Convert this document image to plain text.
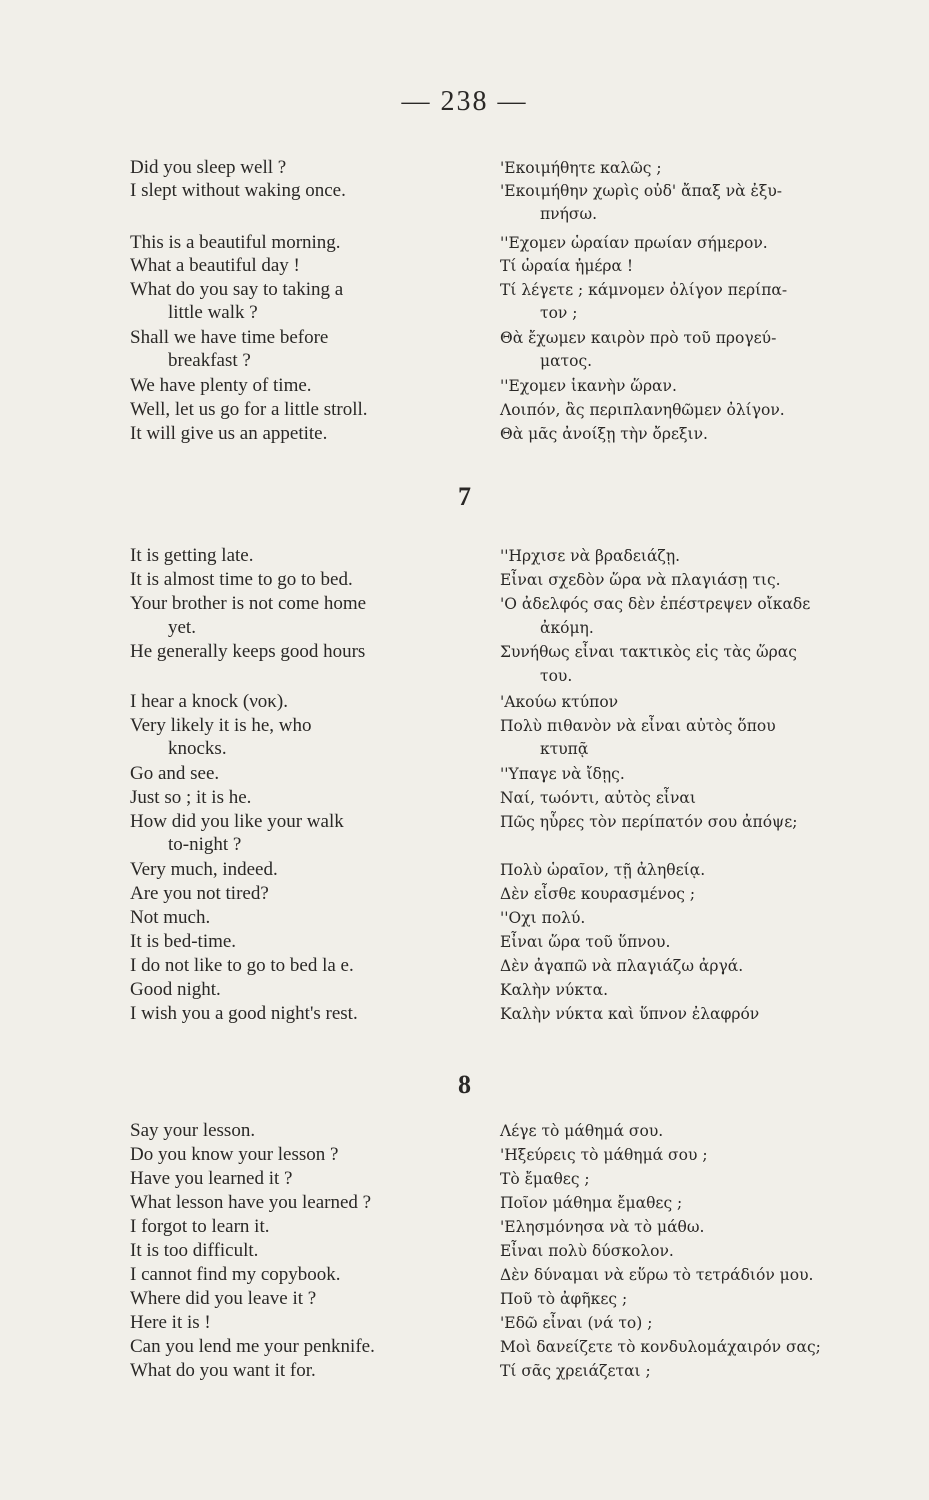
— 238 —
Did you sleep well ?	'Εκοιμήθητε καλῶς ;
I slept without waking once.	'Εκοιμήθην χωρὶς οὐδ' ἄπαξ νὰ ἐξυ-
πνήσω.
This is a beautiful morning.	''Εχομεν ὡραίαν πρωίαν σήμερον.
What a beautiful day !	Τί ὡραία ἡμέρα !
What do you say to taking a	Τί λέγετε ; κάμνομεν ὀλίγον περίπα-
little walk ?	τον ;
Shall we have time before	Θὰ ἔχωμεν καιρὸν πρὸ τοῦ προγεύ-
breakfast ?	ματος.
We have plenty of time.	''Εχομεν ἱκανὴν ὥραν.
Well, let us go for a little stroll.	Λοιπόν, ἂς περιπλανηθῶμεν ὀλίγον.
It will give us an appetite.	Θὰ μᾶς ἀνοίξῃ τὴν ὄρεξιν.
7
It is getting late.	''Ηρχισε νὰ βραδειάζῃ.
It is almost time to go to bed.	Εἶναι σχεδὸν ὥρα νὰ πλαγιάσῃ τις.
Your brother is not come home	'Ο ἀδελφός σας δὲν ἐπέστρεψεν οἴκαδε
yet.	ἀκόμη.
He generally keeps good hours	Συνήθως εἶναι τακτικὸς εἰς τὰς ὥρας
του.
I hear a knock (νοκ).	'Ακούω κτύπον
Very likely it is he, who	Πολὺ πιθανὸν νὰ εἶναι αὐτὸς ὅπου
knocks.	κτυπᾷ
Go and see.	''Υπαγε νὰ ἴδῃς.
Just so ; it is he.	Ναί, τωόντι, αὐτὸς εἶναι
How did you like your walk	Πῶς ηὗρες τὸν περίπατόν σου ἀπόψε;
to-night ?
Very much, indeed.	Πολὺ ὡραῖον, τῇ ἀληθείᾳ.
Are you not tired?	Δὲν εἶσθε κουρασμένος ;
Not much.	''Οχι πολύ.
It is bed-time.	Εἶναι ὥρα τοῦ ὕπνου.
I do not like to go to bed la e.	Δὲν ἀγαπῶ νὰ πλαγιάζω ἀργά.
Good night.	Καλὴν νύκτα.
I wish you a good night's rest.	Καλὴν νύκτα καὶ ὕπνον ἐλαφρόν
8
Say your lesson.	Λέγε τὸ μάθημά σου.
Do you know your lesson ?	'Ηξεύρεις τὸ μάθημά σου ;
Have you learned it ?	Τὸ ἔμαθες ;
What lesson have you learned ?	Ποῖον μάθημα ἔμαθες ;
I forgot to learn it.	'Ελησμόνησα νὰ τὸ μάθω.
It is too difficult.	Εἶναι πολὺ δύσκολον.
I cannot find my copybook.	Δὲν δύναμαι νὰ εὕρω τὸ τετράδιόν μου.
Where did you leave it ?	Ποῦ τὸ ἀφῆκες ;
Here it is !	'Εδῶ εἶναι (νά το) ;
Can you lend me your penknife.	Μοὶ δανείζετε τὸ κονδυλομάχαιρόν σας;
What do you want it for.	Τί σᾶς χρειάζεται ;
